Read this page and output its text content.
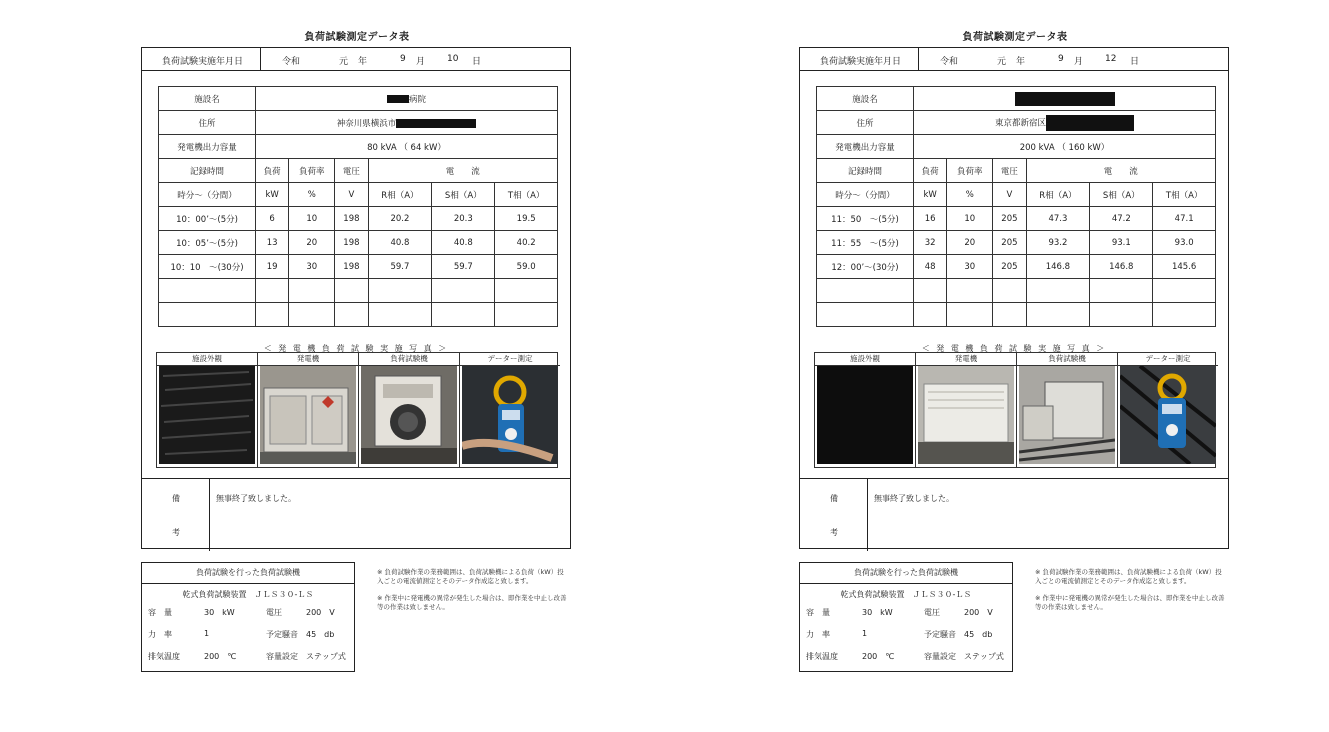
負荷試験測定データ表
負荷試験実施年月日	令和	元 年	9 月 10 日
施設名	病院					
住所	神奈川県横浜市					
発電機出力容量	80 kVA （ 64 kW）					
記録時間	負荷	負荷率	電圧	電　　流		
時分～（分間）	kW	%	V	R相（A）	S相（A）	T相（A）
10：00’～(5分)	6	10	198	20.2	20.3	19.5
10：05’～(5分)	13	20	198	40.8	40.8	40.2
10：10　～(30分)	19	30	198	59.7	59.7	59.0

＜ 発 電 機 負 荷 試 験 実 施 写 真 ＞
施設外観	発電機	負荷試験機	データー測定
備
考
無事終了致しました。
負荷試験を行った負荷試験機
乾式負荷試験装置　ＪＬＳ３０-ＬＳ
容　量	30　kW	電圧	200　V
力　率	1	予定騒音 45　db
排気温度	200　℃	容量設定 ステップ式

※ 負荷試験作業の業務範囲は、負荷試験機による負荷（kW）投入ごとの電流値測定とそのデータ作成迄と致します。

※ 作業中に発電機の異常が発生した場合は、即作業を中止し改善等の作業は致しません。

負荷試験測定データ表
負荷試験実施年月日	令和	元 年	9 月 12 日
施設名						
住所	東京都新宿区					
発電機出力容量	200 kVA （ 160 kW）					
記録時間	負荷	負荷率	電圧	電　　流		
時分～（分間）	kW	%	V	R相（A）	S相（A）	T相（A）
11：50　～(5分)	16	10	205	47.3	47.2	47.1
11：55　～(5分)	32	20	205	93.2	93.1	93.0
12：00’～(30分)	48	30	205	146.8	146.8	145.6

＜ 発 電 機 負 荷 試 験 実 施 写 真 ＞
施設外観	発電機	負荷試験機	データー測定
備
考
無事終了致しました。
負荷試験を行った負荷試験機
乾式負荷試験装置　ＪＬＳ３０-ＬＳ
容　量	30　kW	電圧	200　V
力　率	1	予定騒音 45　db
排気温度	200　℃	容量設定 ステップ式

※ 負荷試験作業の業務範囲は、負荷試験機による負荷（kW）投入ごとの電流値測定とそのデータ作成迄と致します。

※ 作業中に発電機の異常が発生した場合は、即作業を中止し改善等の作業は致しません。
